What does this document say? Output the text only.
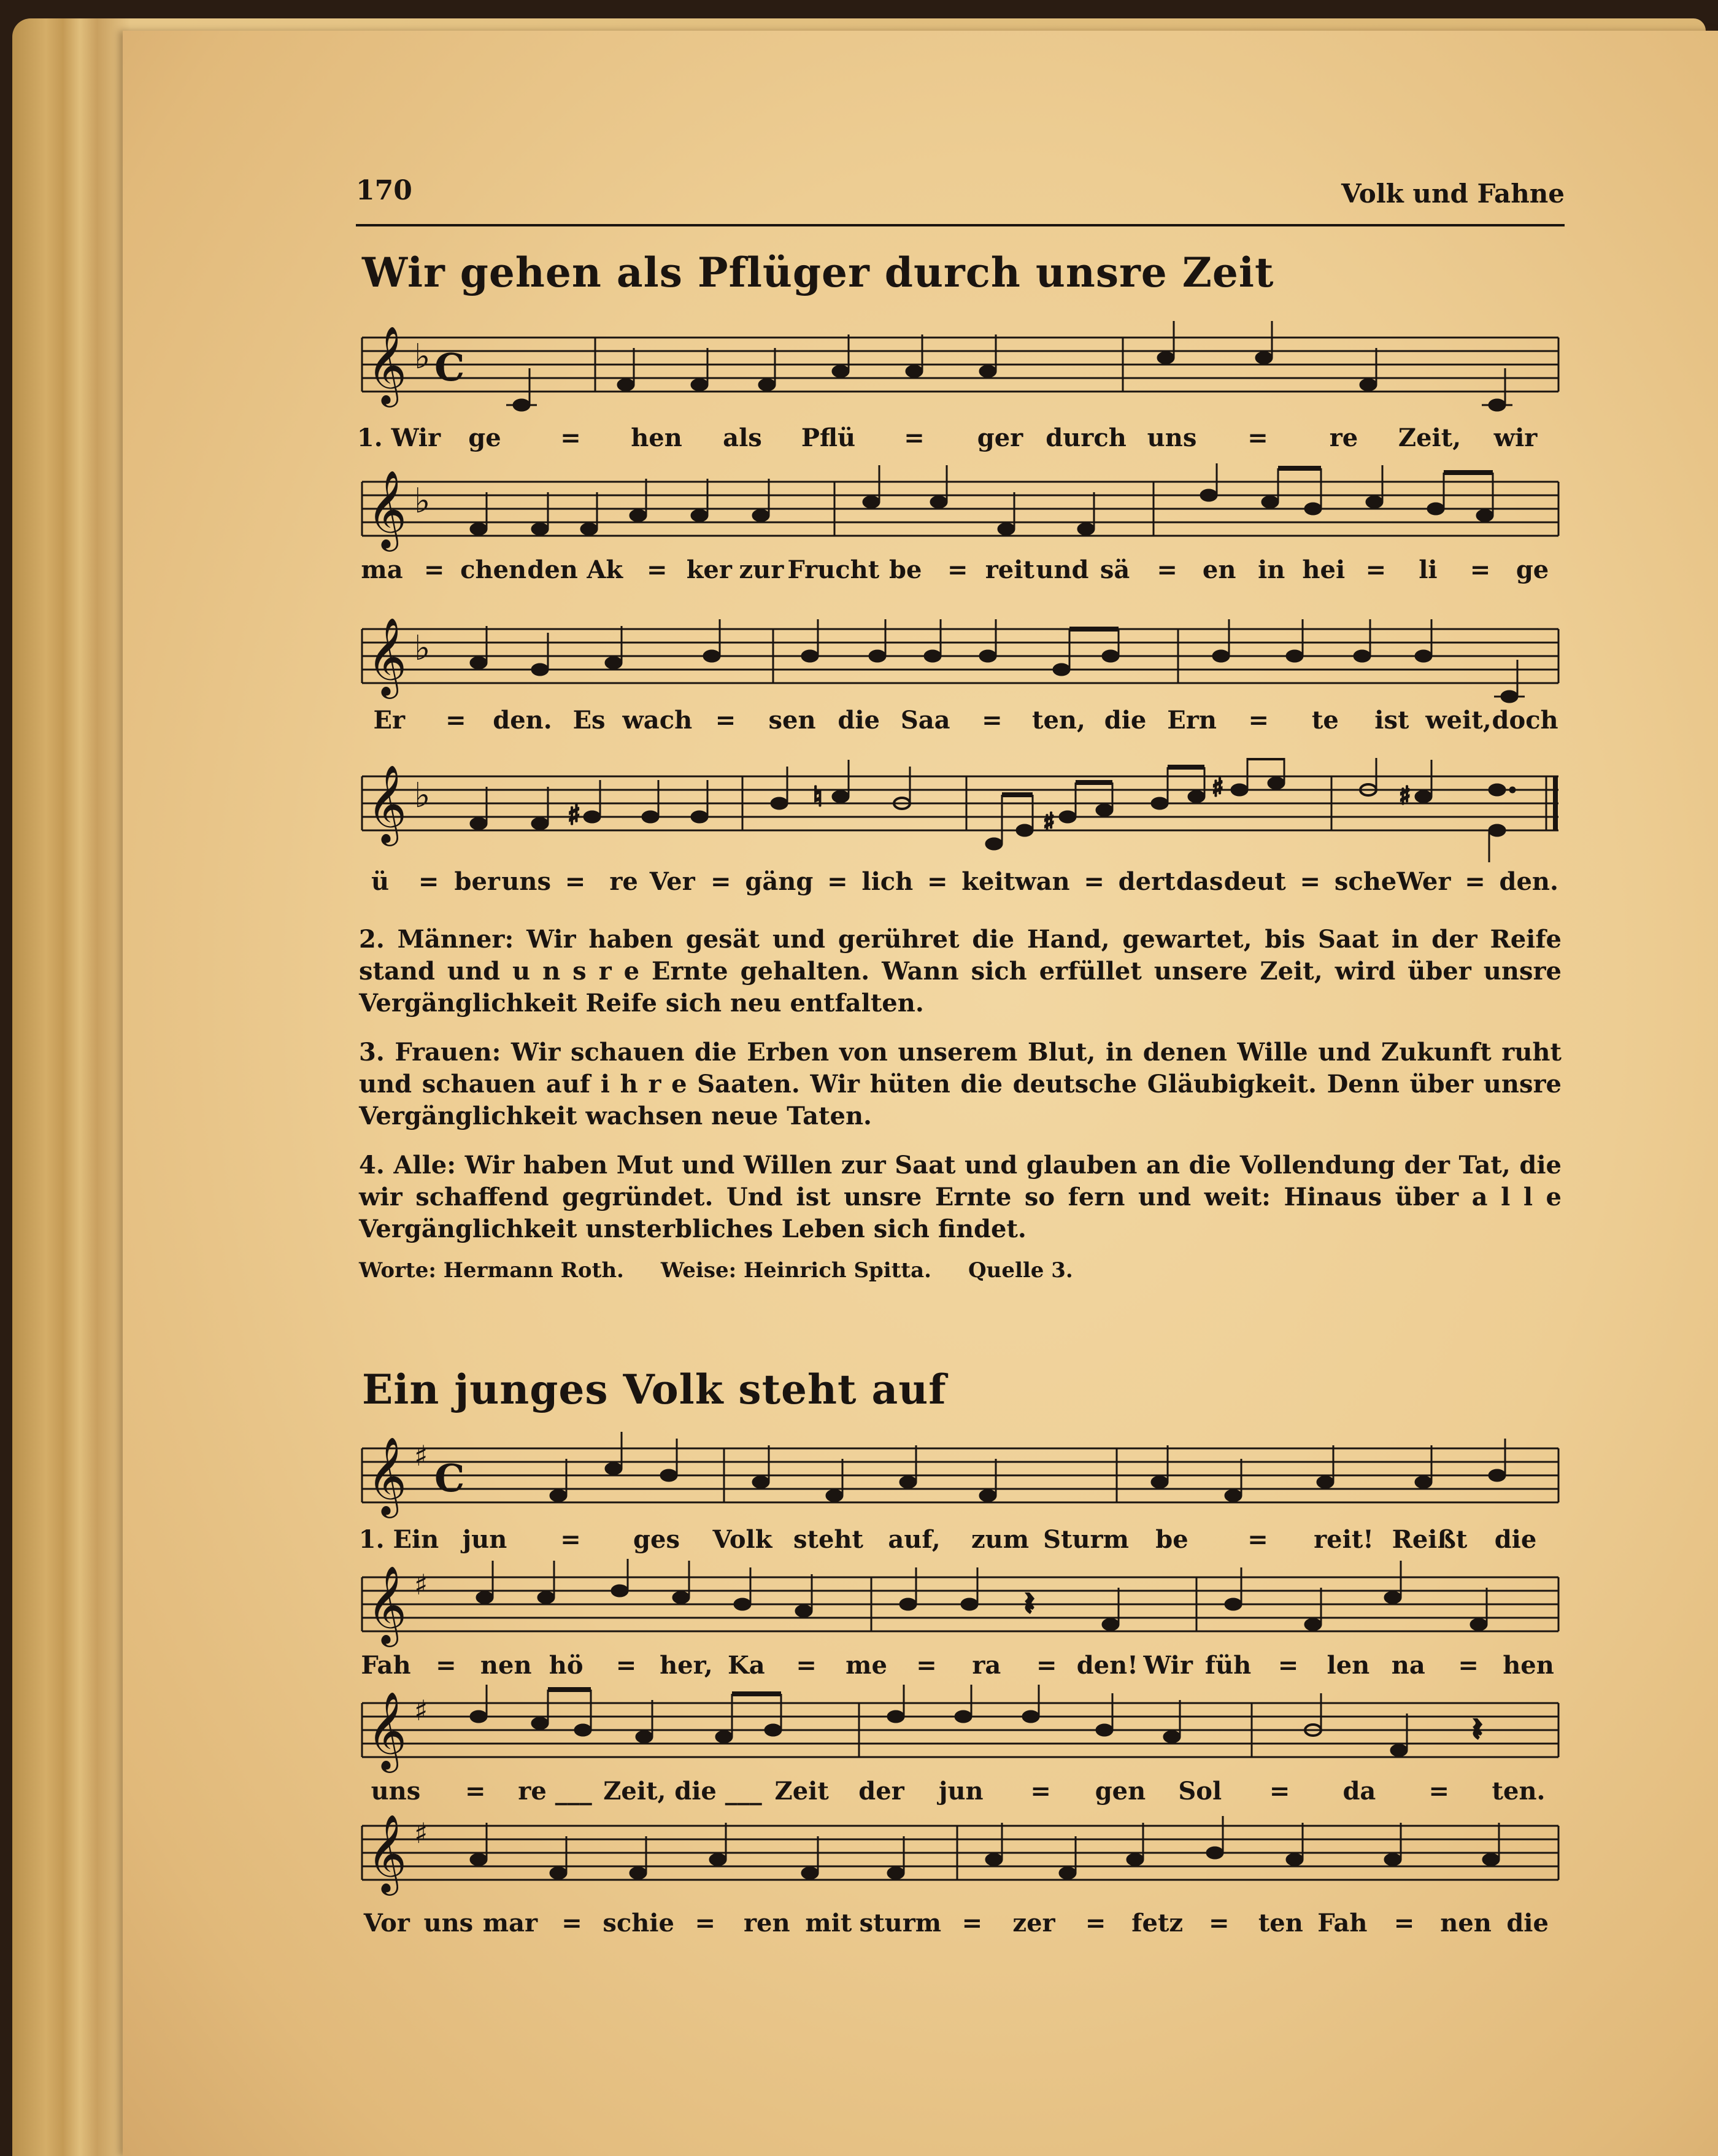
170	Volk und Fahne
Wir gehen als Pflüger durch unsre Zeit
𝄞 ♭ C
1. Wir	ge	=	hen	als	Pflü	=	ger durch uns	=	re	Zeit,	wir
𝄞 ♭
ma = chen den Ak = ker zur Frucht be	= reit und sä	=	en in hei =	li	=	ge
𝄞 ♭
Er	=	den. Es wach =	sen die Saa	=	ten, die Ern	=	te	ist weit, doch
𝄞 ♭	♯
♮
♯
♯	♯
ü	= ber uns = re Ver = gäng = lich = keit wan = dert das deut = sche Wer = den.

2. Männer: Wir haben gesät und gerühret die Hand, gewartet, bis Saat in der Reife stand und u n s r e Ernte gehalten. Wann sich erfüllet unsere Zeit, wird über unsre Vergänglichkeit Reife sich neu entfalten.

3. Frauen: Wir schauen die Erben von unserem Blut, in denen Wille und Zukunft ruht und schauen auf i h r e Saaten. Wir hüten die deutsche Gläubigkeit. Denn über unsre Vergänglichkeit wachsen neue Taten.

4. Alle: Wir haben Mut und Willen zur Saat und glauben an die Vollendung der Tat, die wir schaffend gegründet. Und ist unsre Ernte so fern und weit: Hinaus über a l l e Vergänglichkeit unsterbliches Leben sich findet.

Worte: Hermann Roth. Weise: Heinrich Spitta. Quelle 3.
Ein junges Volk steht auf
𝄞 ♯ C
1. Ein jun	=	ges	Volk steht	auf,	zum Sturm	be	=	reit! Reißt	die
𝄞 ♯
𝄽
Fah	= nen hö	= her, Ka	=	me	=	ra	= den! Wir füh	=	len na	= hen
𝄞 ♯
𝄽
uns	=	re ___ Zeit, die ___ Zeit	der	jun	=	gen	Sol	=	da	=	ten.
𝄞 ♯
Vor uns mar = schie =	ren mit sturm =	zer	=	fetz	=	ten Fah	=	nen die
